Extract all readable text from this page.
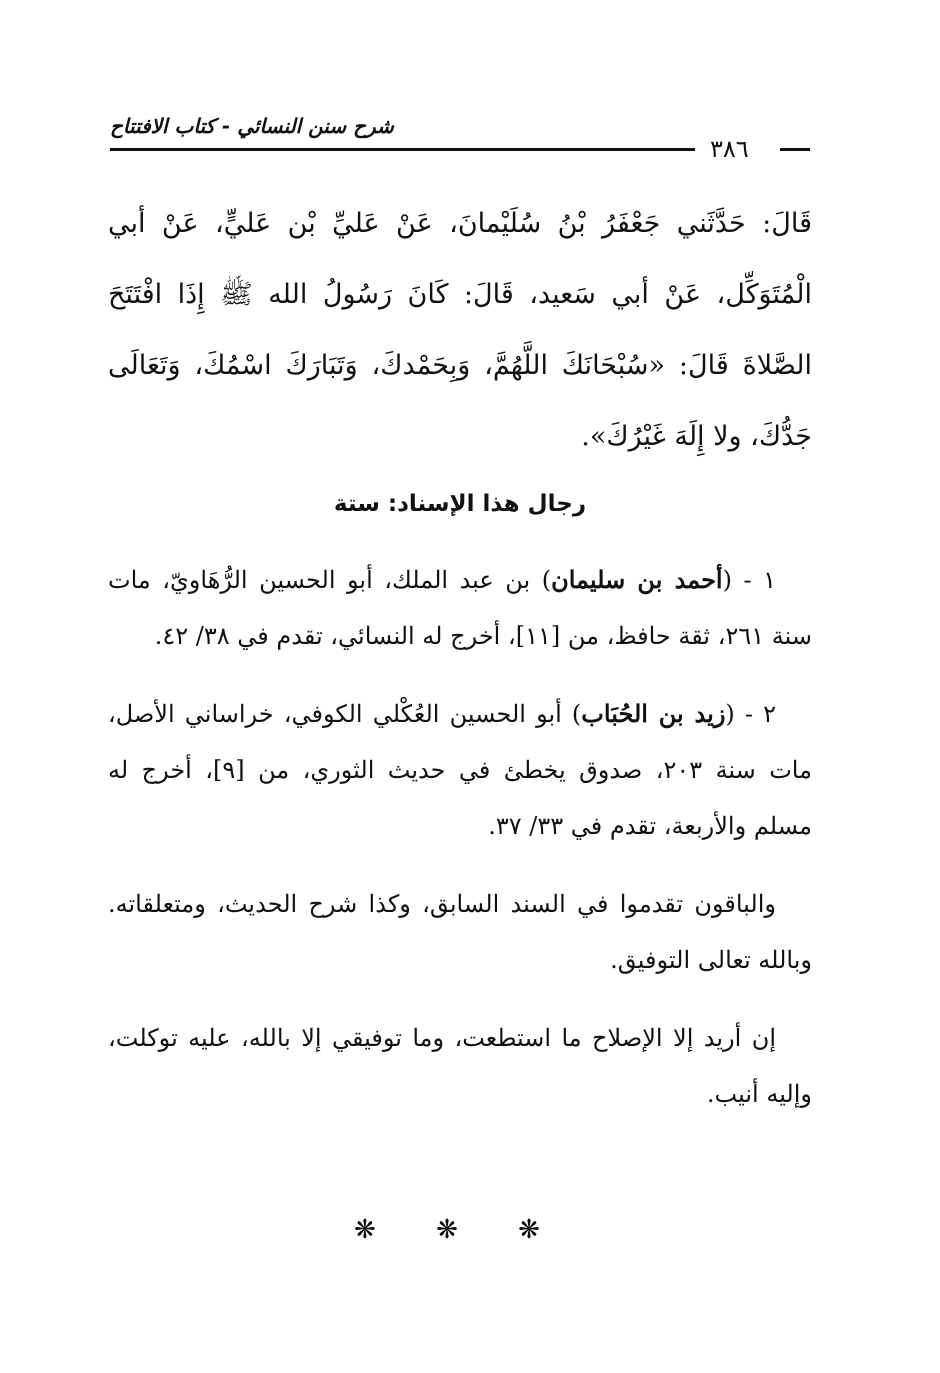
شرح سنن النسائي - كتاب الافتتاح
٣٨٦
قَالَ: حَدَّثَني جَعْفَرُ بْنُ سُلَيْمانَ، عَنْ عَليِّ بْن عَليٍّ، عَنْ أبي الْمُتَوَكِّل، عَنْ أبي سَعيد، قَالَ: كَانَ رَسُولُ الله ﷺ إِذَا افْتَتَحَ الصَّلاةَ قَالَ: «سُبْحَانَكَ اللَّهُمَّ، وَبِحَمْدكَ، وَتَبَارَكَ اسْمُكَ، وَتَعَالَى جَدُّكَ، ولا إِلَهَ غَيْرُكَ».
رجال هذا الإسناد: ستة

١ - (أحمد بن سليمان) بن عبد الملك، أبو الحسين الرُّهَاويّ، مات سنة ٢٦١، ثقة حافظ، من [١١]، أخرج له النسائي، تقدم في ٣٨/ ٤٢.

٢ - (زيد بن الحُبَاب) أبو الحسين العُكْلي الكوفي، خراساني الأصل، مات سنة ٢٠٣، صدوق يخطئ في حديث الثوري، من [٩]، أخرج له مسلم والأربعة، تقدم في ٣٣/ ٣٧.

والباقون تقدموا في السند السابق، وكذا شرح الحديث، ومتعلقاته. وبالله تعالى التوفيق.

إن أريد إلا الإصلاح ما استطعت، وما توفيقي إلا بالله، عليه توكلت، وإليه أنيب.

❋ ❋ ❋
